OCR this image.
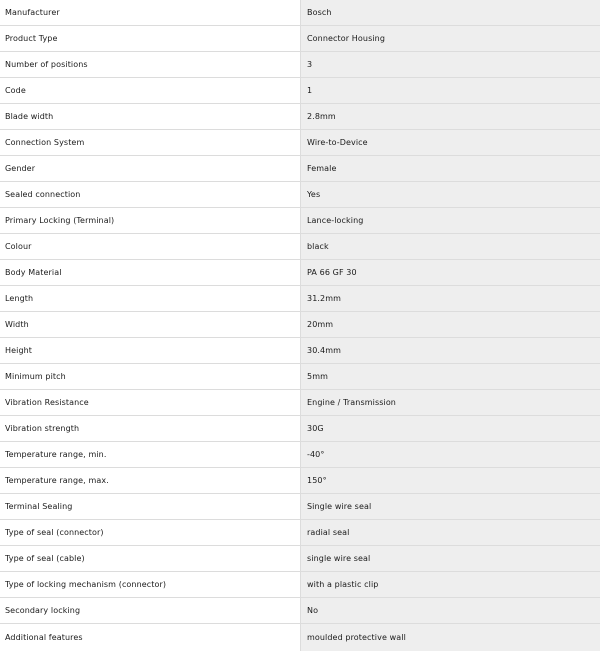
Manufacturer	Bosch
Product Type	Connector Housing
Number of positions	3
Code	1
Blade width	2.8mm
Connection System	Wire-to-Device
Gender	Female
Sealed connection	Yes
Primary Locking (Terminal)	Lance-locking
Colour	black
Body Material	PA 66 GF 30
Length	31.2mm
Width	20mm
Height	30.4mm
Minimum pitch	5mm
Vibration Resistance	Engine / Transmission
Vibration strength	30G
Temperature range, min.	-40°
Temperature range, max.	150°
Terminal Sealing	Single wire seal
Type of seal (connector)	radial seal
Type of seal (cable)	single wire seal
Type of locking mechanism (connector)	with a plastic clip
Secondary locking	No
Additional features	moulded protective wall
